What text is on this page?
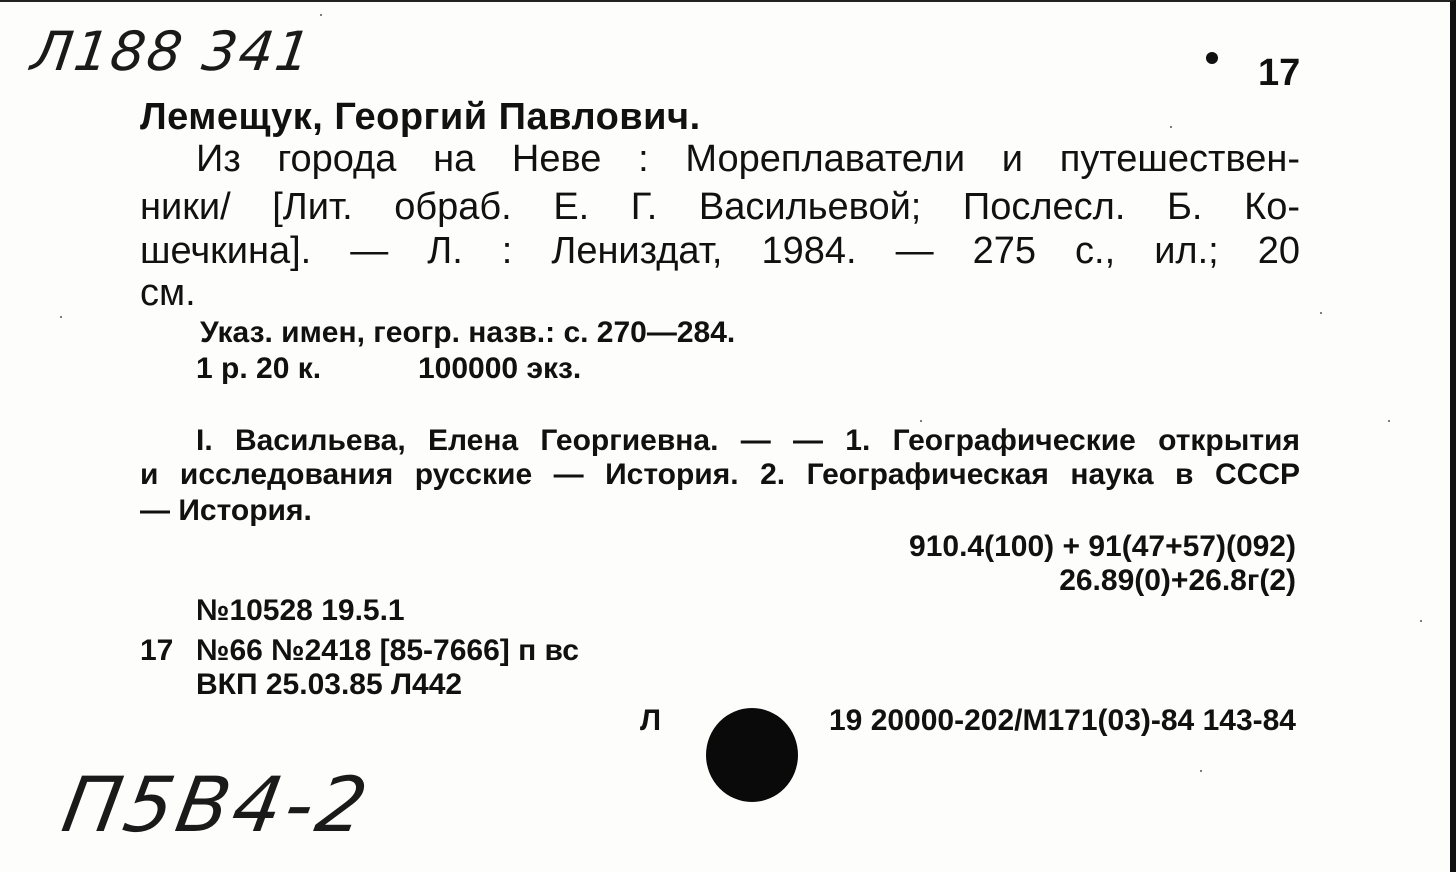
Л188 341	17
Лемещук, Георгий Павлович.
Из города на Неве : Мореплаватели и путешествен-
ники/ [Лит. обраб. Е. Г. Васильевой; Послесл. Б. Ко-
шечкина]. — Л. : Лениздат, 1984. — 275 с., ил.; 20
см.
Указ. имен, геогр. назв.: с. 270—284.
1 р. 20 к.	100000 экз.
I. Васильева, Елена Георгиевна. — — 1. Географические открытия
и исследования русские — История. 2. Географическая наука в СССР
— История.
910.4(100) + 91(47+57)(092)
26.89(0)+26.8г(2)
№10528 19.5.1
17 №66 №2418 [85-7666] п вс
ВКП 25.03.85 Л442
Л	19 20000-202/М171(03)-84 143-84
П5В4-2
